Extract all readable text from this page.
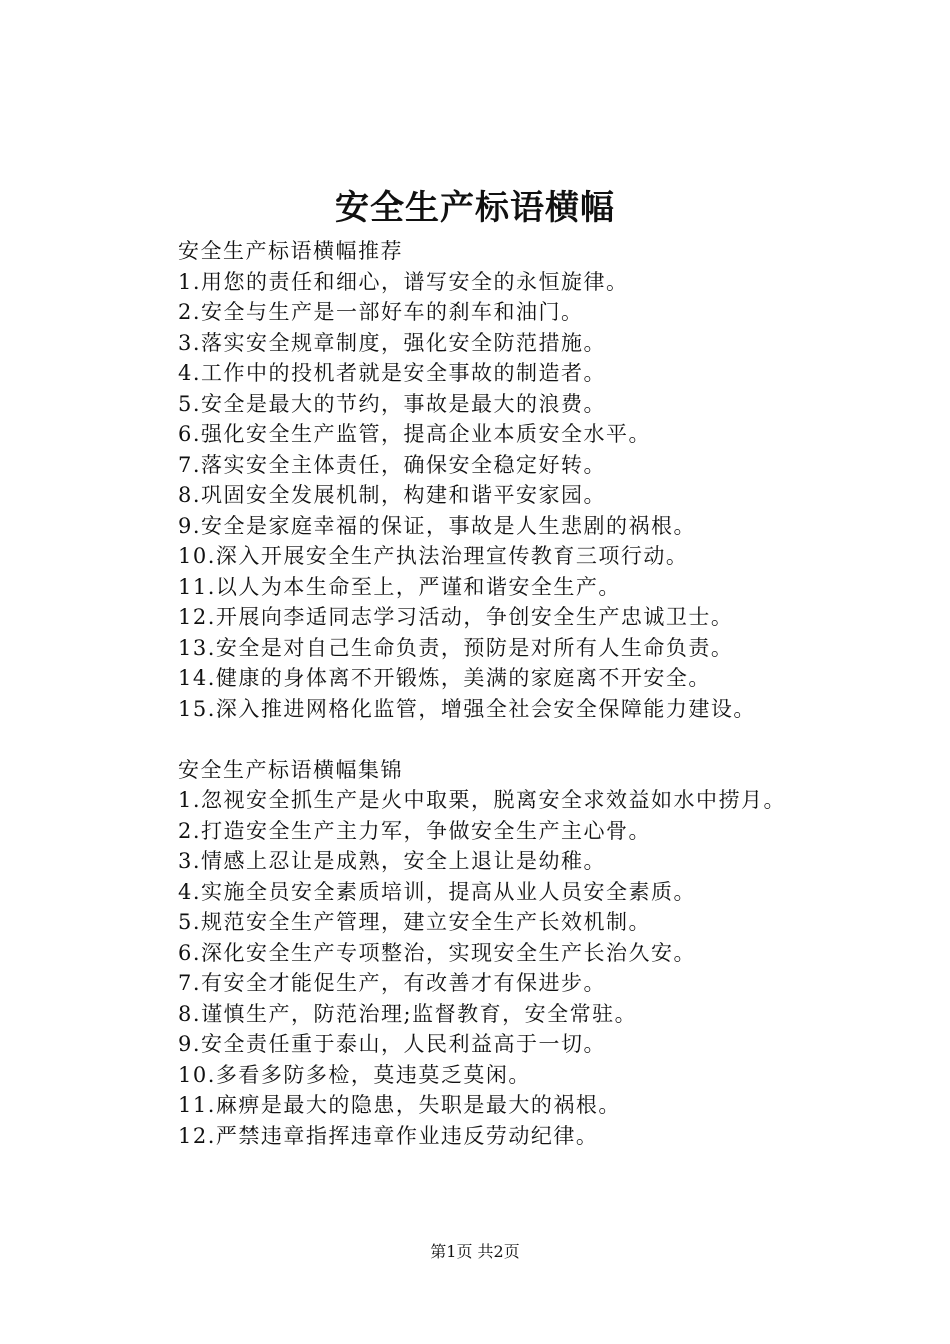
安全生产标语横幅

安全生产标语横幅推荐

1.用您的责任和细心，谱写安全的永恒旋律。

2.安全与生产是一部好车的刹车和油门。

3.落实安全规章制度，强化安全防范措施。

4.工作中的投机者就是安全事故的制造者。

5.安全是最大的节约，事故是最大的浪费。

6.强化安全生产监管，提高企业本质安全水平。

7.落实安全主体责任，确保安全稳定好转。

8.巩固安全发展机制，构建和谐平安家园。

9.安全是家庭幸福的保证，事故是人生悲剧的祸根。

10.深入开展安全生产执法治理宣传教育三项行动。

11.以人为本生命至上，严谨和谐安全生产。

12.开展向李适同志学习活动，争创安全生产忠诚卫士。

13.安全是对自己生命负责，预防是对所有人生命负责。

14.健康的身体离不开锻炼，美满的家庭离不开安全。

15.深入推进网格化监管，增强全社会安全保障能力建设。

安全生产标语横幅集锦

1.忽视安全抓生产是火中取栗，脱离安全求效益如水中捞月。

2.打造安全生产主力军，争做安全生产主心骨。

3.情感上忍让是成熟，安全上退让是幼稚。

4.实施全员安全素质培训，提高从业人员安全素质。

5.规范安全生产管理，建立安全生产长效机制。

6.深化安全生产专项整治，实现安全生产长治久安。

7.有安全才能促生产，有改善才有保进步。

8.谨慎生产，防范治理;监督教育，安全常驻。

9.安全责任重于泰山，人民利益高于一切。

10.多看多防多检，莫违莫乏莫闲。

11.麻痹是最大的隐患，失职是最大的祸根。

12.严禁违章指挥违章作业违反劳动纪律。

第1页 共2页
